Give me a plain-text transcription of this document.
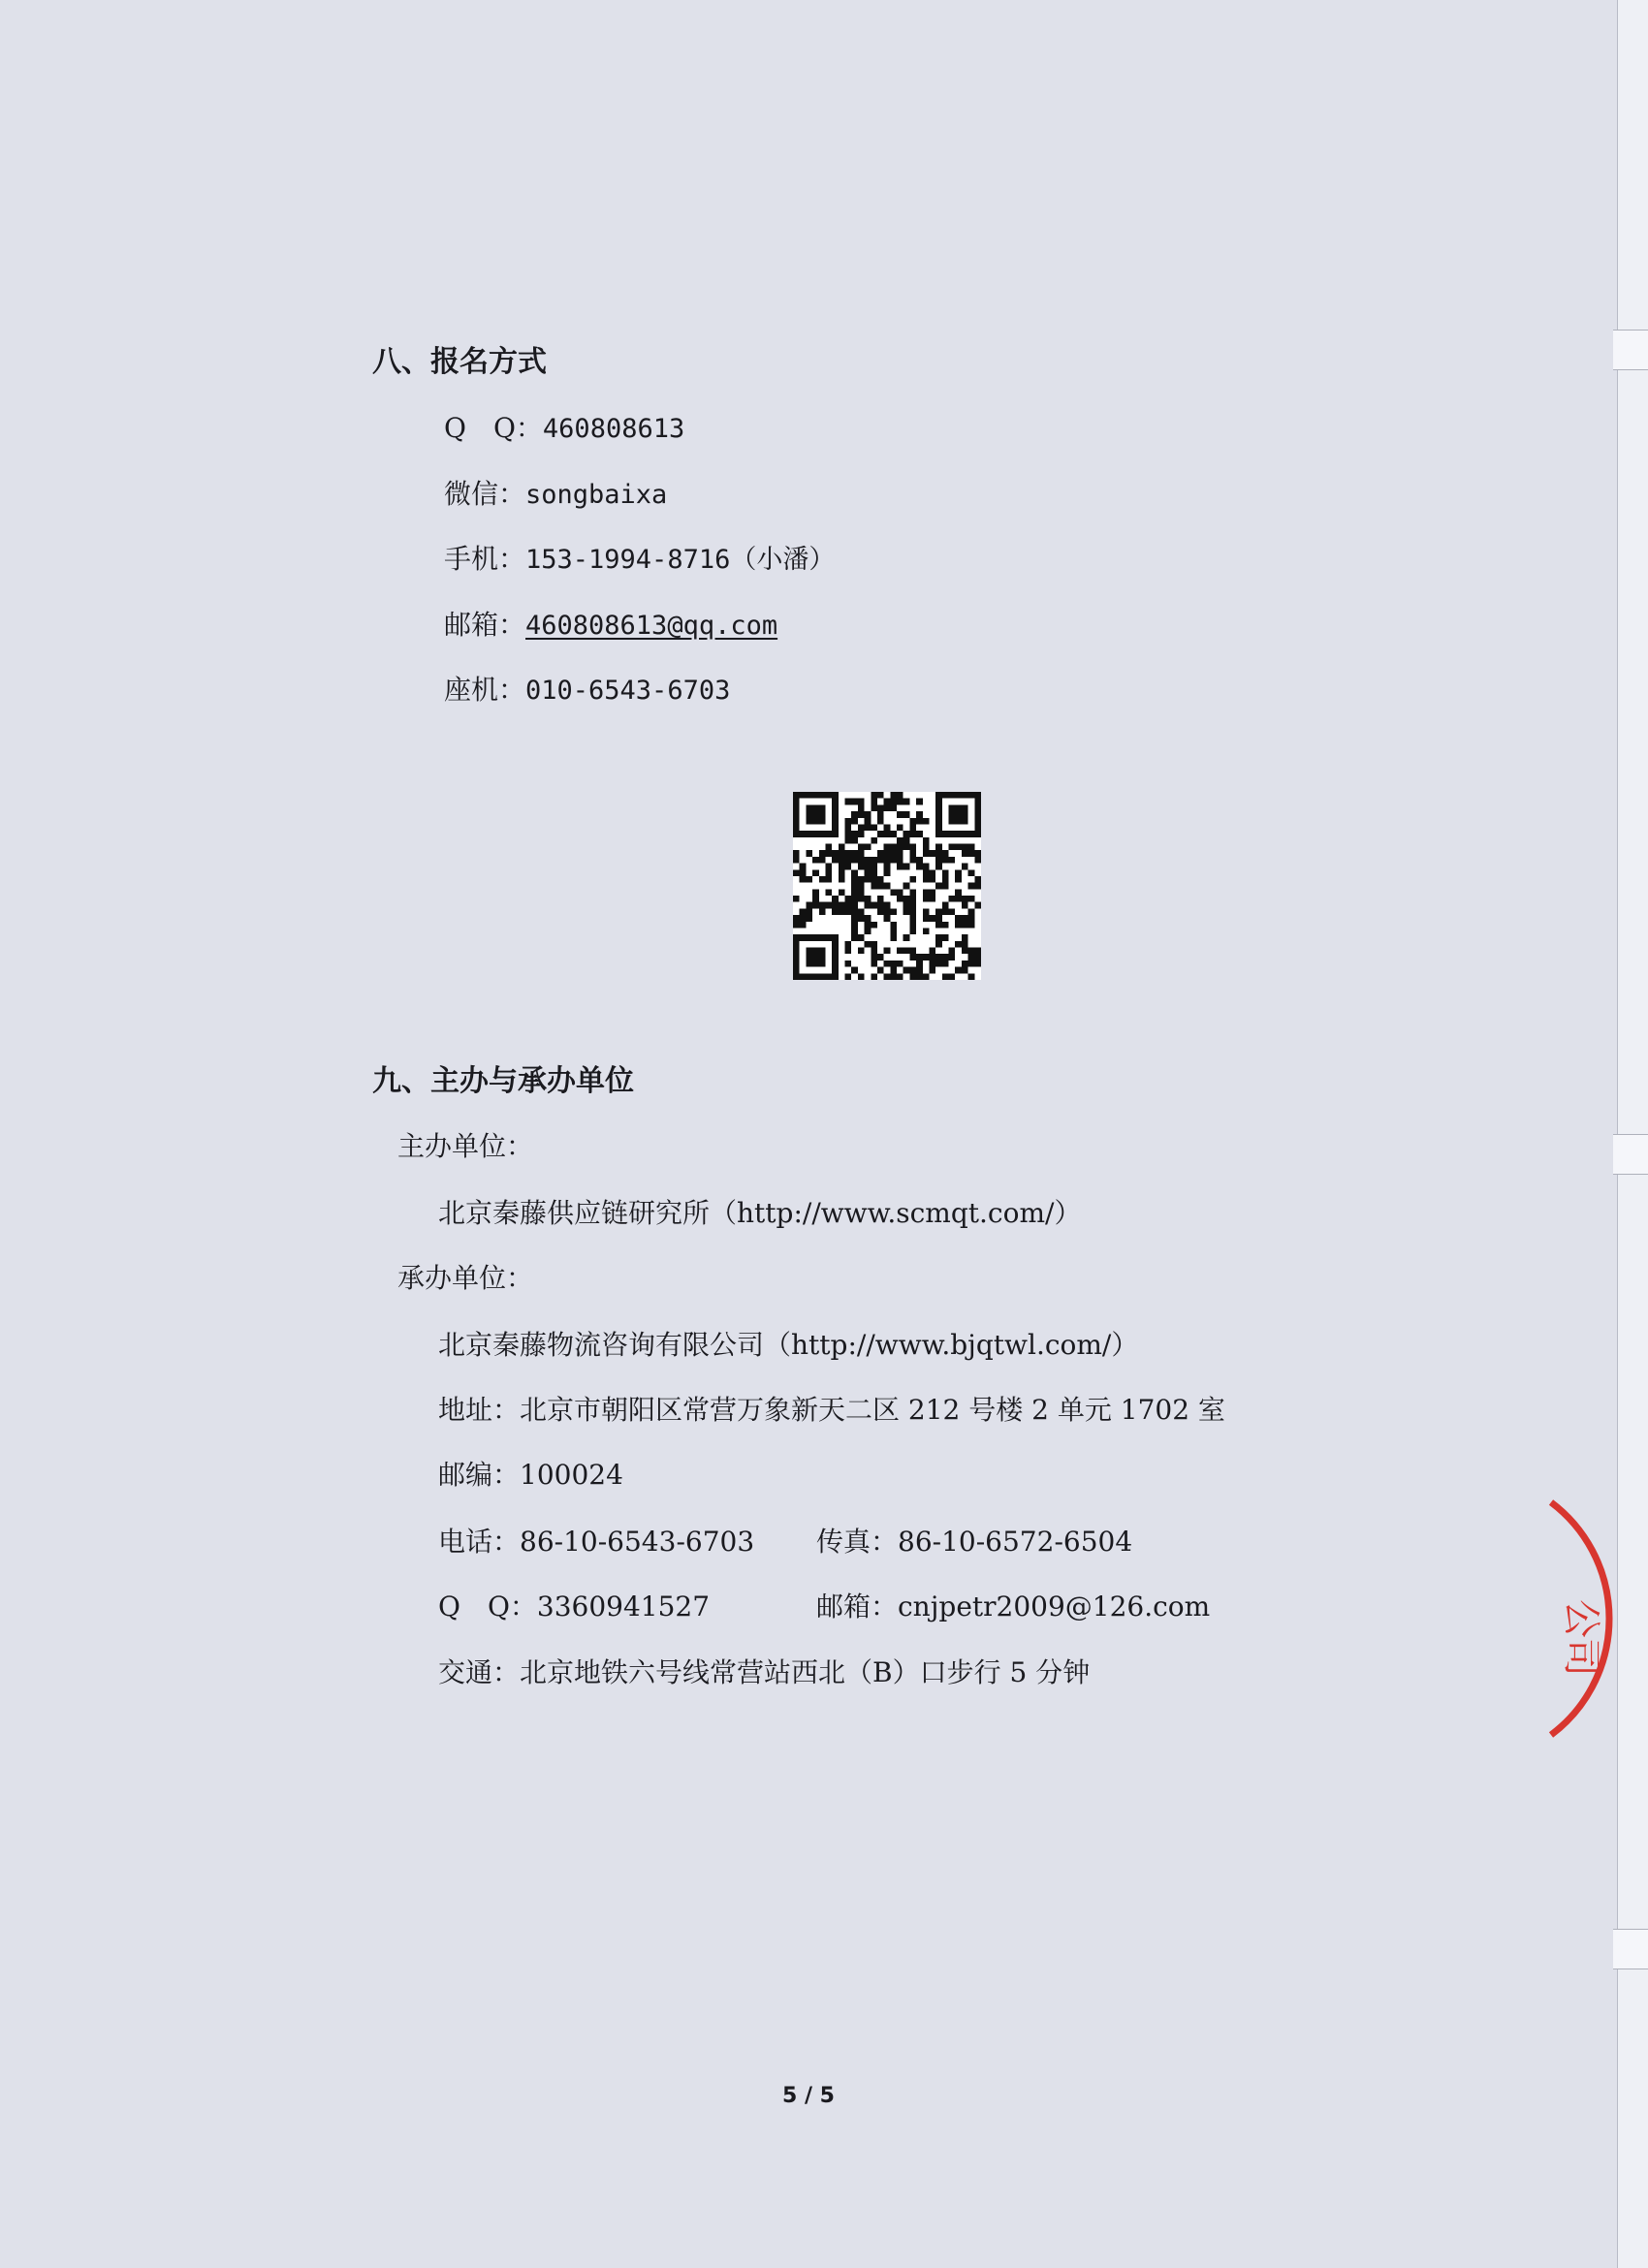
八、报名方式
Q　Q：460808613
微信：songbaixa
手机：153-1994-8716（小潘）
邮箱：460808613@qq.com
座机：010-6543-6703
九、主办与承办单位
主办单位：
北京秦藤供应链研究所（http://www.scmqt.com/）
承办单位：
北京秦藤物流咨询有限公司（http://www.bjqtwl.com/）
地址：北京市朝阳区常营万象新天二区 212 号楼 2 单元 1702 室
邮编：100024
电话：86-10-6543-6703 传真：86-10-6572-6504
Q　Q：3360941527	邮箱：cnjpetr2009@126.com
交通：北京地铁六号线常营站西北（B）口步行 5 分钟	公司
5 / 5
